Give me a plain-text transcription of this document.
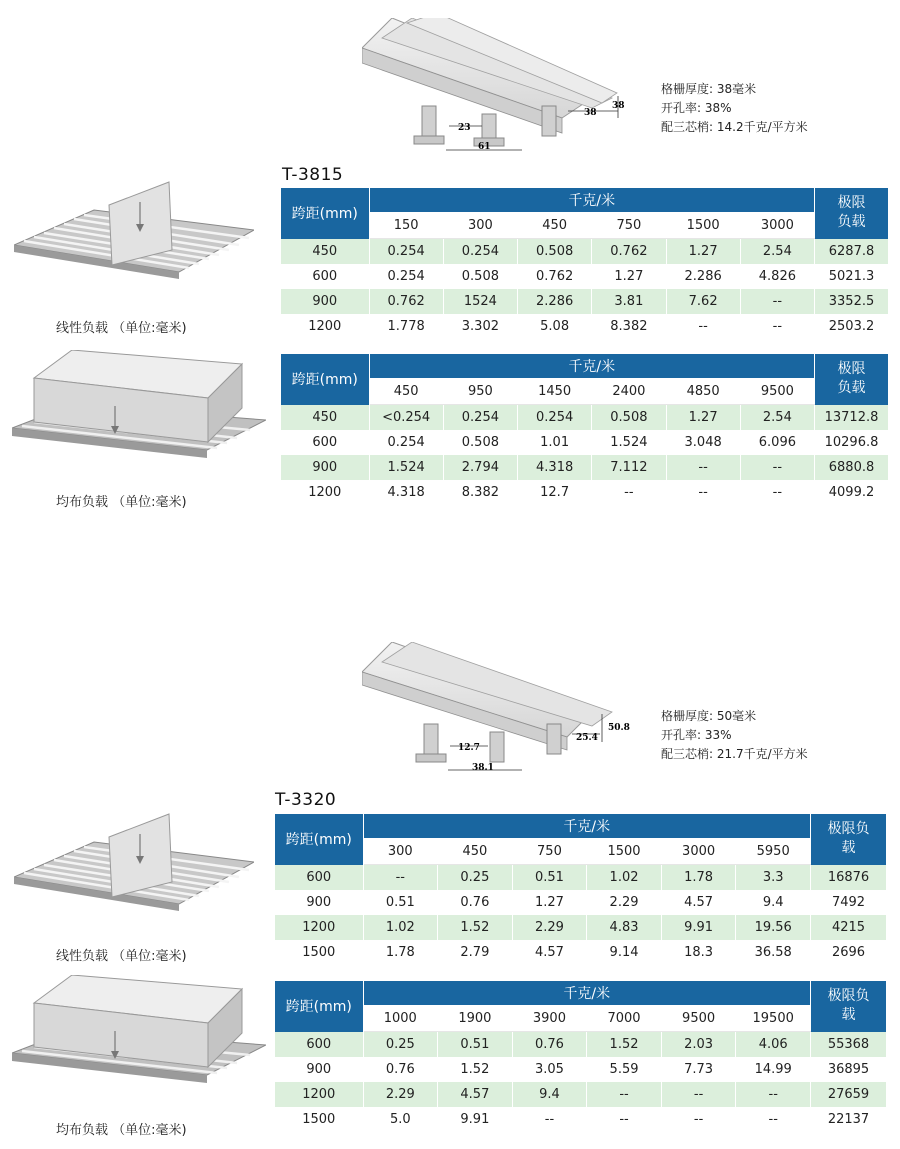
23
38
38
61
格栅厚度: 38毫米
开孔率: 38%
配三芯梢: 14.2千克/平方米
T-3815
线性负载 （单位:毫米)
跨距(mm)	千克/米						极限负载
	150	300	450	750	1500	3000	
450	0.254	0.254	0.508	0.762	1.27	2.54	6287.8
600	0.254	0.508	0.762	1.27	2.286	4.826	5021.3
900	0.762	1524	2.286	3.81	7.62	--	3352.5
1200	1.778	3.302	5.08	8.382	--	--	2503.2
均布负载 （单位:毫米)
跨距(mm)	千克/米						极限负载
	450	950	1450	2400	4850	9500	
450	<0.254	0.254	0.254	0.508	1.27	2.54	13712.8
600	0.254	0.508	1.01	1.524	3.048	6.096	10296.8
900	1.524	2.794	4.318	7.112	--	--	6880.8
1200	4.318	8.382	12.7	--	--	--	4099.2
12.7
25.4
50.8
38.1
格栅厚度: 50毫米
开孔率: 33%
配三芯梢: 21.7千克/平方米
T-3320
线性负载 （单位:毫米)
跨距(mm)	千克/米						极限负载
	300	450	750	1500	3000	5950	
600	--	0.25	0.51	1.02	1.78	3.3	16876
900	0.51	0.76	1.27	2.29	4.57	9.4	7492
1200	1.02	1.52	2.29	4.83	9.91	19.56	4215
1500	1.78	2.79	4.57	9.14	18.3	36.58	2696
均布负载 （单位:毫米)
跨距(mm)	千克/米						极限负载
	1000	1900	3900	7000	9500	19500	
600	0.25	0.51	0.76	1.52	2.03	4.06	55368
900	0.76	1.52	3.05	5.59	7.73	14.99	36895
1200	2.29	4.57	9.4	--	--	--	27659
1500	5.0	9.91	--	--	--	--	22137
